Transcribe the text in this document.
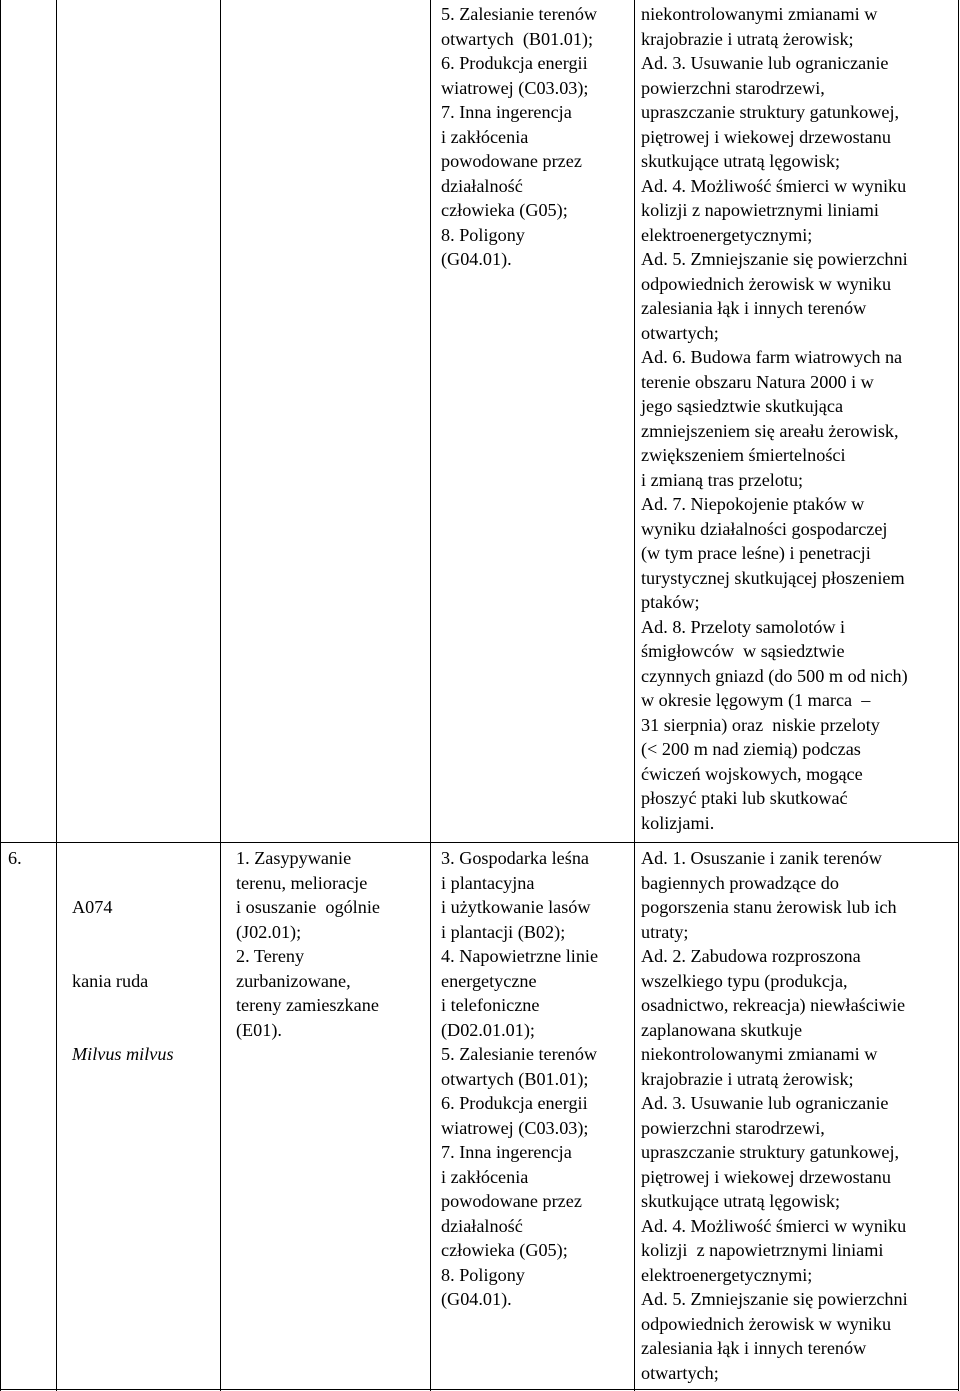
5. Zalesianie terenów
otwartych  (B01.01);
6. Produkcja energii
wiatrowej (C03.03);
7. Inna ingerencja
i zakłócenia
powodowane przez
działalność
człowieka (G05);
8. Poligony
(G04.01).
niekontrolowanymi zmianami w
krajobrazie i utratą żerowisk;
Ad. 3. Usuwanie lub ograniczanie
powierzchni starodrzewi,
upraszczanie struktury gatunkowej,
piętrowej i wiekowej drzewostanu
skutkujące utratą lęgowisk;
Ad. 4. Możliwość śmierci w wyniku
kolizji z napowietrznymi liniami
elektroenergetycznymi;
Ad. 5. Zmniejszanie się powierzchni
odpowiednich żerowisk w wyniku
zalesiania łąk i innych terenów
otwartych;
Ad. 6. Budowa farm wiatrowych na
terenie obszaru Natura 2000 i w
jego sąsiedztwie skutkująca
zmniejszeniem się areału żerowisk,
zwiększeniem śmiertelności
i zmianą tras przelotu;
Ad. 7. Niepokojenie ptaków w
wyniku działalności gospodarczej
(w tym prace leśne) i penetracji
turystycznej skutkującej płoszeniem
ptaków;
Ad. 8. Przeloty samolotów i
śmigłowców  w sąsiedztwie
czynnych gniazd (do 500 m od nich)
w okresie lęgowym (1 marca  –
31 sierpnia) oraz  niskie przeloty
(< 200 m nad ziemią) podczas
ćwiczeń wojskowych, mogące
płoszyć ptaki lub skutkować
kolizjami.
6.

A074

kania ruda

Milvus milvus

1. Zasypywanie
terenu, melioracje
i osuszanie  ogólnie
(J02.01);
2. Tereny
zurbanizowane,
tereny zamieszkane
(E01).
3. Gospodarka leśna
i plantacyjna
i użytkowanie lasów
i plantacji (B02);
4. Napowietrzne linie
energetyczne
i telefoniczne
(D02.01.01);
5. Zalesianie terenów
otwartych (B01.01);
6. Produkcja energii
wiatrowej (C03.03);
7. Inna ingerencja
i zakłócenia
powodowane przez
działalność
człowieka (G05);
8. Poligony
(G04.01).
Ad. 1. Osuszanie i zanik terenów
bagiennych prowadzące do
pogorszenia stanu żerowisk lub ich
utraty;
Ad. 2. Zabudowa rozproszona
wszelkiego typu (produkcja,
osadnictwo, rekreacja) niewłaściwie
zaplanowana skutkuje
niekontrolowanymi zmianami w
krajobrazie i utratą żerowisk;
Ad. 3. Usuwanie lub ograniczanie
powierzchni starodrzewi,
upraszczanie struktury gatunkowej,
piętrowej i wiekowej drzewostanu
skutkujące utratą lęgowisk;
Ad. 4. Możliwość śmierci w wyniku
kolizji  z napowietrznymi liniami
elektroenergetycznymi;
Ad. 5. Zmniejszanie się powierzchni
odpowiednich żerowisk w wyniku
zalesiania łąk i innych terenów
otwartych;
